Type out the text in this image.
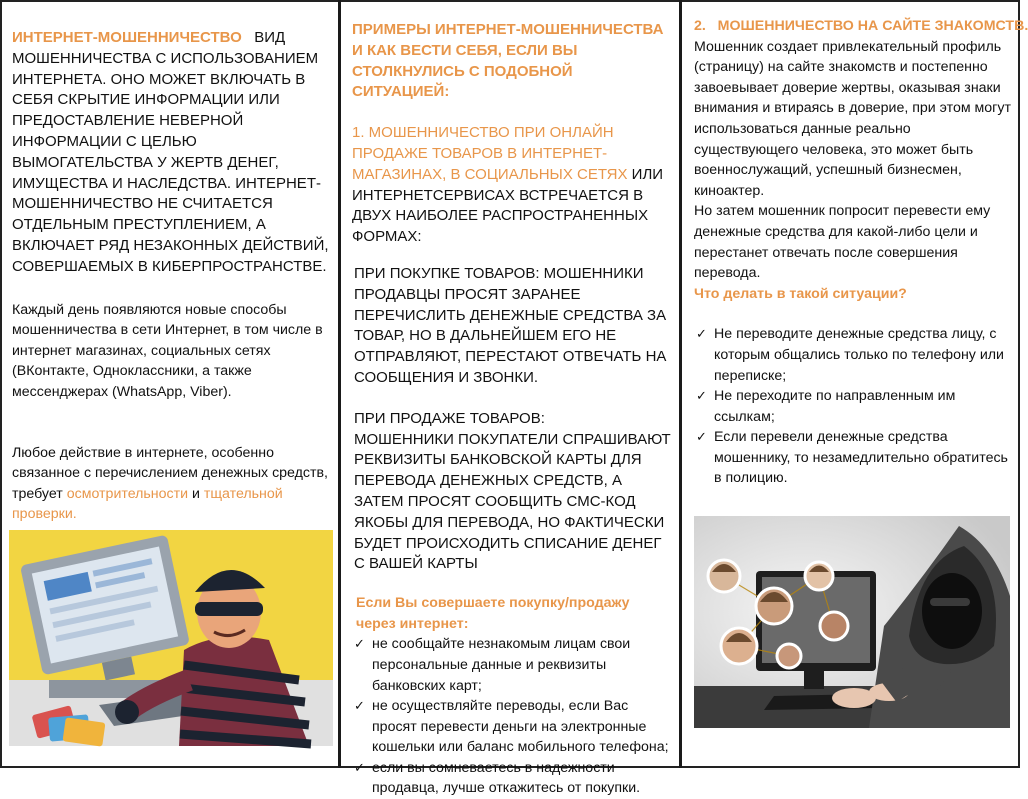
ИНТЕРНЕТ-МОШЕННИЧЕСТВО   ВИД МОШЕННИЧЕСТВА С ИСПОЛЬЗОВАНИЕМ ИНТЕРНЕТА. ОНО МОЖЕТ ВКЛЮЧАТЬ В СЕБЯ СКРЫТИЕ ИНФОРМАЦИИ ИЛИ ПРЕДОСТАВЛЕНИЕ НЕВЕРНОЙ ИНФОРМАЦИИ С ЦЕЛЬЮ ВЫМОГАТЕЛЬСТВА У ЖЕРТВ ДЕНЕГ, ИМУЩЕСТВА И НАСЛЕДСТВА. ИНТЕРНЕТ-МОШЕННИЧЕСТВО НЕ СЧИТАЕТСЯ ОТДЕЛЬНЫМ ПРЕСТУПЛЕНИЕМ, А ВКЛЮЧАЕТ РЯД НЕЗАКОННЫХ ДЕЙСТВИЙ, СОВЕРШАЕМЫХ В КИБЕРПРОСТРАНСТВЕ.

Каждый день появляются новые способы мошенничества в сети Интернет, в том числе в интернет магазинах, социальных сетях (ВКонтакте, Одноклассники, а также мессенджерах (WhatsApp, Viber).

Любое действие в интернете, особенно связанное с перечислением денежных средств, требует осмотрительности и тщательной проверки.

ПРИМЕРЫ ИНТЕРНЕТ-МОШЕННИЧЕСТВА И КАК ВЕСТИ СЕБЯ, ЕСЛИ ВЫ СТОЛКНУЛИСЬ С ПОДОБНОЙ СИТУАЦИЕЙ:

1. МОШЕННИЧЕСТВО ПРИ ОНЛАЙН ПРОДАЖЕ ТОВАРОВ В ИНТЕРНЕТ-МАГАЗИНАХ, В СОЦИАЛЬНЫХ СЕТЯХ ИЛИ ИНТЕРНЕТСЕРВИСАХ ВСТРЕЧАЕТСЯ В ДВУХ НАИБОЛЕЕ РАСПРОСТРАНЕННЫХ ФОРМАХ:

ПРИ ПОКУПКЕ ТОВАРОВ: МОШЕННИКИ ПРОДАВЦЫ ПРОСЯТ ЗАРАНЕЕ ПЕРЕЧИСЛИТЬ ДЕНЕЖНЫЕ СРЕДСТВА ЗА ТОВАР, НО В ДАЛЬНЕЙШЕМ ЕГО НЕ ОТПРАВЛЯЮТ, ПЕРЕСТАЮТ ОТВЕЧАТЬ НА СООБЩЕНИЯ И ЗВОНКИ.

ПРИ ПРОДАЖЕ ТОВАРОВ:

МОШЕННИКИ ПОКУПАТЕЛИ СПРАШИВАЮТ РЕКВИЗИТЫ БАНКОВСКОЙ КАРТЫ ДЛЯ ПЕРЕВОДА ДЕНЕЖНЫХ СРЕДСТВ, А ЗАТЕМ ПРОСЯТ СООБЩИТЬ СМС-КОД ЯКОБЫ ДЛЯ ПЕРЕВОДА, НО ФАКТИЧЕСКИ БУДЕТ ПРОИСХОДИТЬ СПИСАНИЕ ДЕНЕГ С ВАШЕЙ КАРТЫ

Если Вы совершаете покупку/продажу через интернет:

✓ не сообщайте незнакомым лицам свои персональные данные и реквизиты банковских карт;
✓ не осуществляйте переводы, если Вас просят перевести деньги на электронные кошельки или баланс мобильного телефона;
✓ если вы сомневаетесь в надежности продавца, лучше откажитесь от покупки.

2.   МОШЕННИЧЕСТВО НА САЙТЕ ЗНАКОМСТВ.

Мошенник создает привлекательный профиль (страницу) на сайте знакомств и постепенно завоевывает доверие жертвы, оказывая знаки внимания и втираясь в доверие, при этом могут использоваться данные реально существующего человека, это может быть военнослужащий, успешный бизнесмен, киноактер.

Но затем мошенник попросит перевести ему денежные средства для какой-либо цели и перестанет отвечать после совершения перевода.

Что делать в такой ситуации?

✓ Не переводите денежные средства лицу, с которым общались только по телефону или переписке;
✓ Не переходите по направленным им ссылкам;
✓ Если перевели денежные средства мошеннику, то незамедлительно обратитесь в полицию.
